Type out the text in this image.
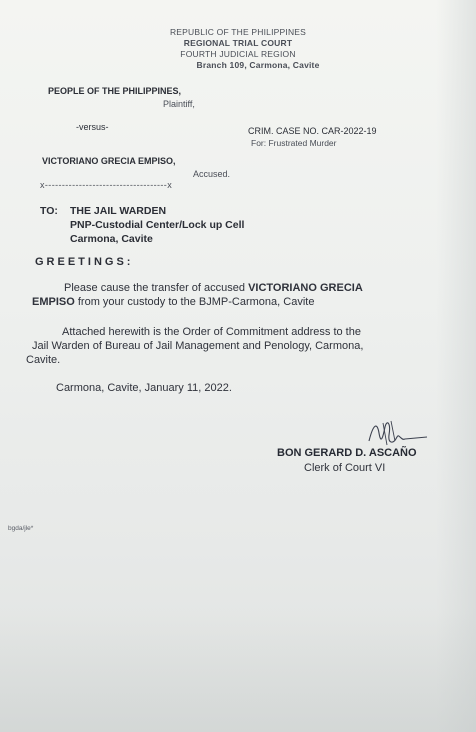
REPUBLIC OF THE PHILIPPINES
REGIONAL TRIAL COURT
FOURTH JUDICIAL REGION
Branch 109, Carmona, Cavite
PEOPLE OF THE PHILIPPINES,
Plaintiff,
-versus-	CRIM. CASE NO. CAR-2022-19
For: Frustrated Murder
VICTORIANO GRECIA EMPISO,
Accused.
x------------------------------------x
TO: THE JAIL WARDEN
PNP-Custodial Center/Lock up Cell
Carmona, Cavite
GREETINGS:
Please cause the transfer of accused VICTORIANO GRECIA
EMPISO from your custody to the BJMP-Carmona, Cavite
Attached herewith is the Order of Commitment address to the
Jail Warden of Bureau of Jail Management and Penology, Carmona,
Cavite.
Carmona, Cavite, January 11, 2022.
BON GERARD D. ASCAÑO
Clerk of Court VI
bgda/jle*
